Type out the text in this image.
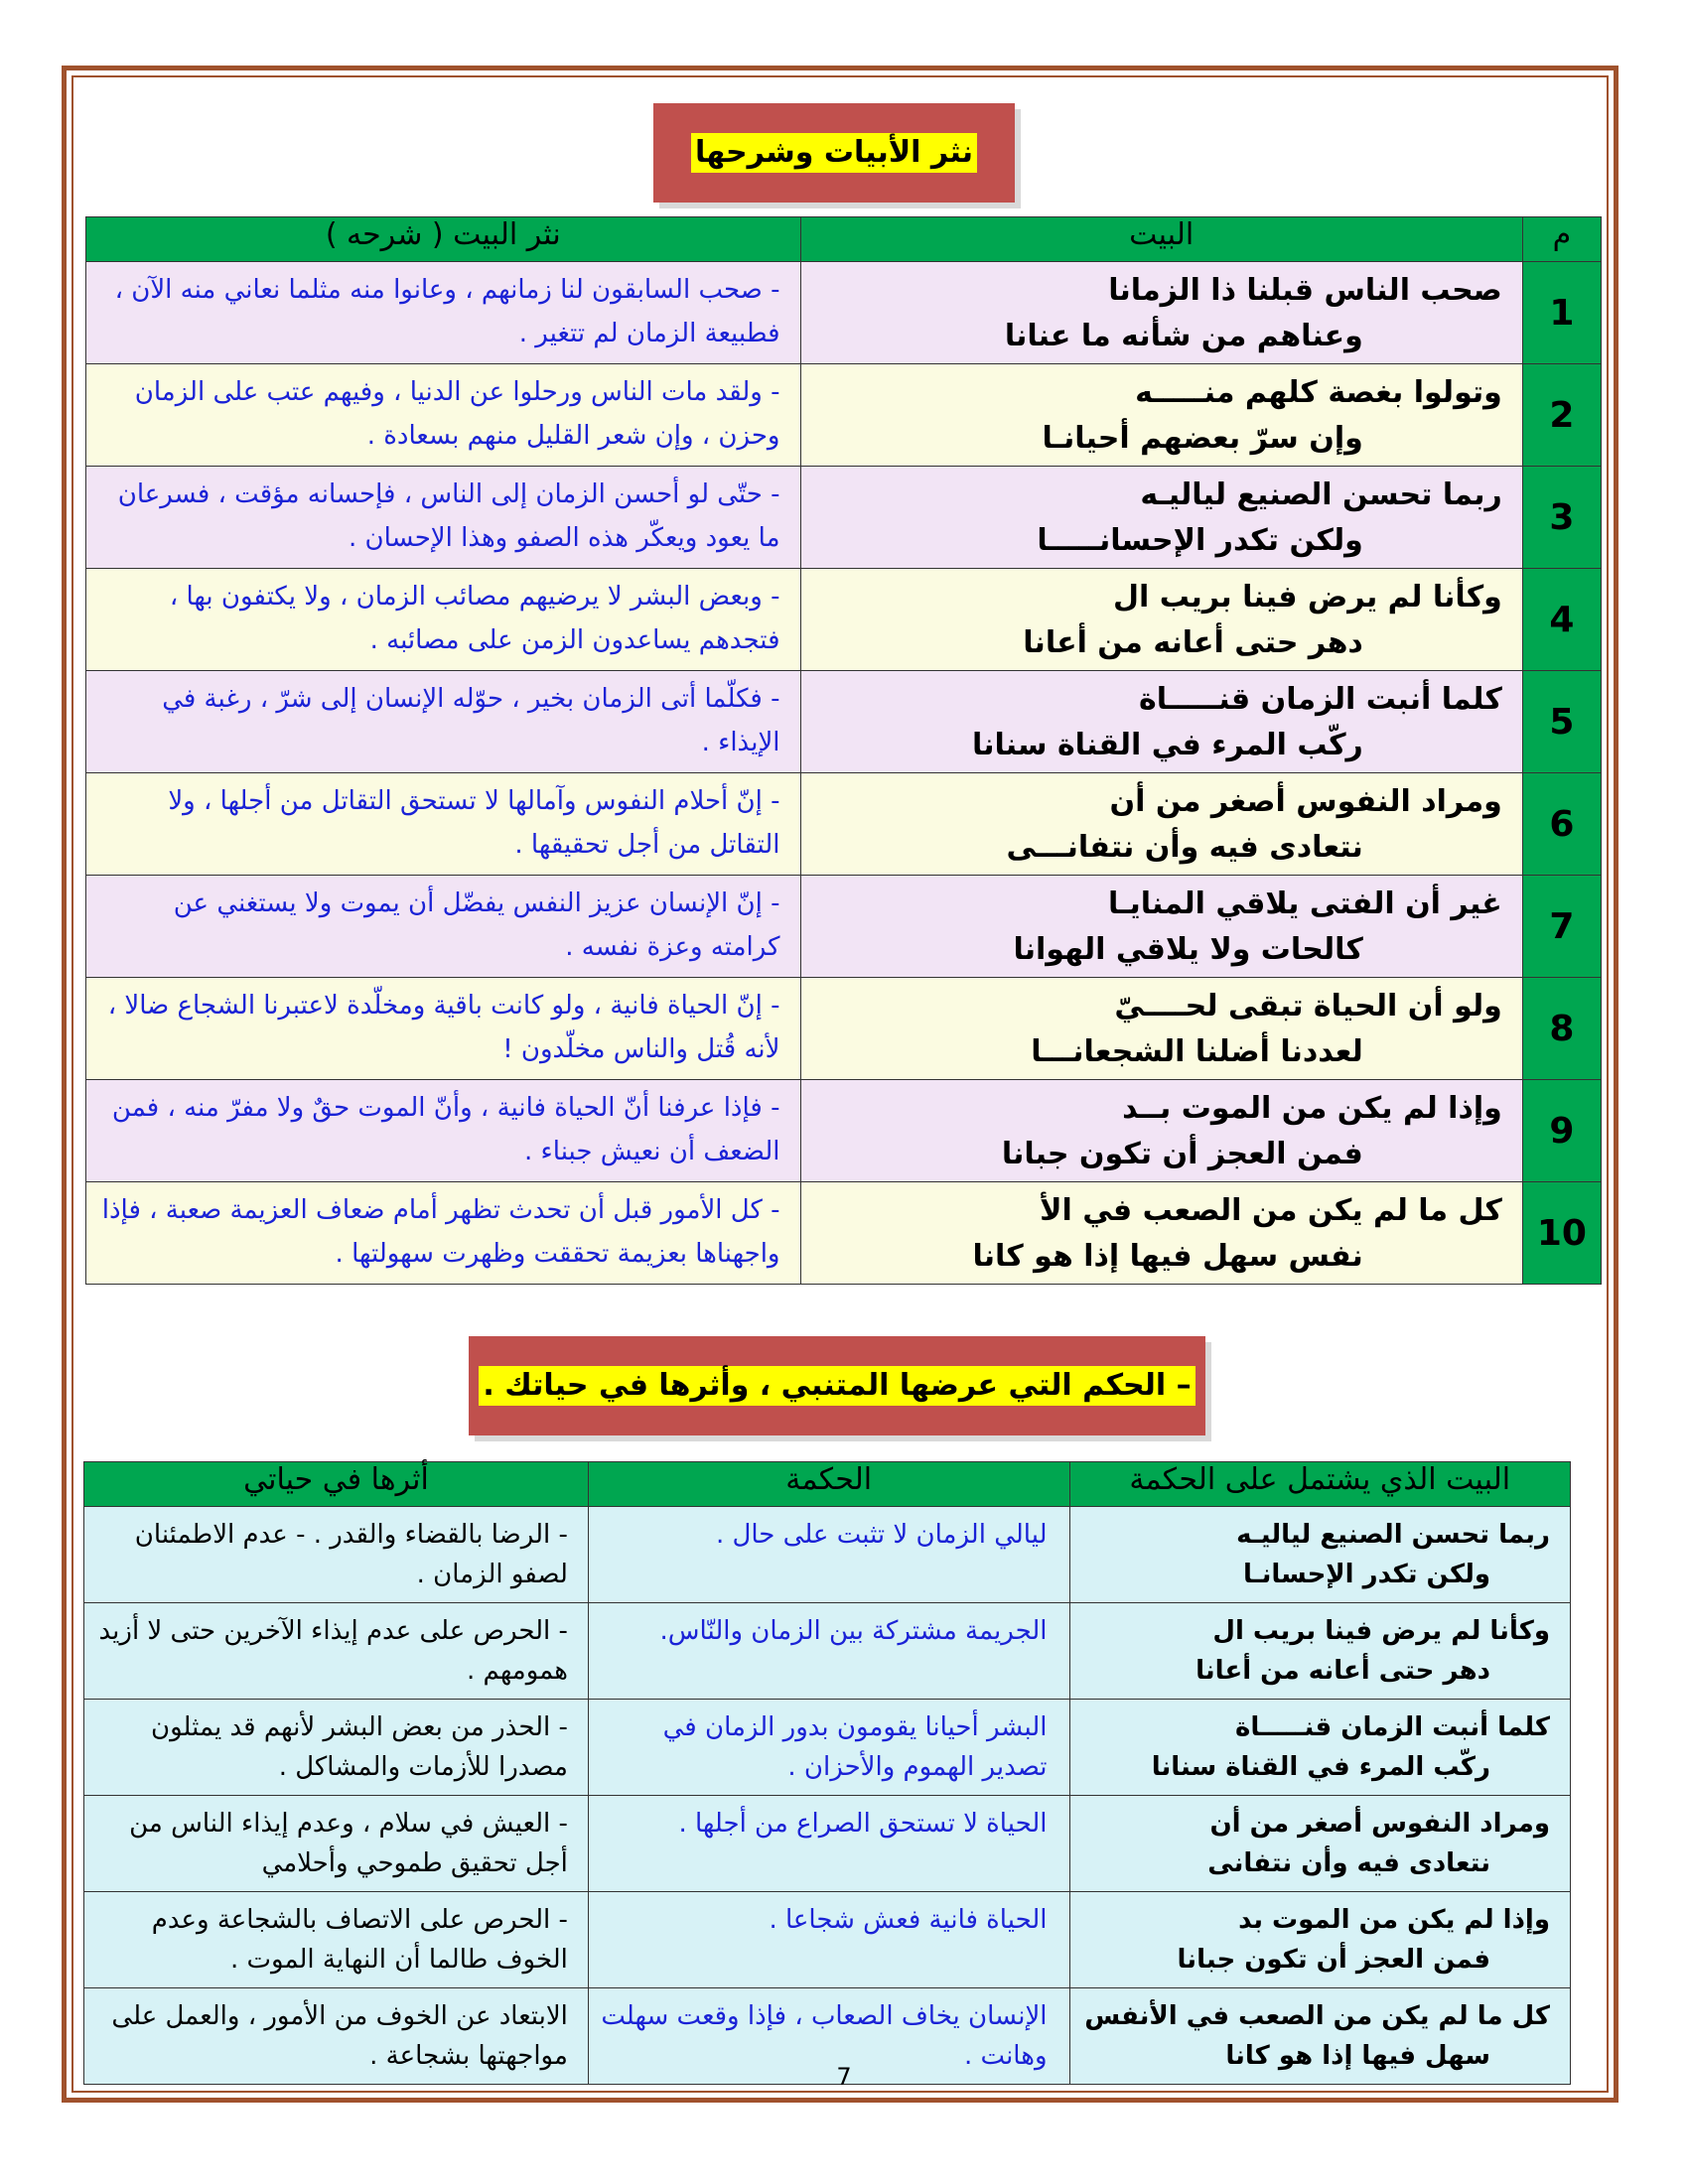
نثر الأبيات وشرحها
م	البيت	نثر البيت ( شرحه )
1	صحب الناس قبلنا ذا الزمانا
وعناهم من شأنه ما عنانا	- صحب السابقون لنا زمانهم ، وعانوا منه مثلما نعاني منه الآن ، فطبيعة الزمان لم تتغير .
2	وتولوا بغصة كلهم منـــــه
وإن سرّ بعضهم أحيانـا	- ولقد مات الناس ورحلوا عن الدنيا ، وفيهم عتب على الزمان وحزن ، وإن شعر القليل منهم بسعادة .
3	ربما تحسن الصنيع لياليـه
ولكن تكدر الإحسانـــــا	- حتّى لو أحسن الزمان إلى الناس ، فإحسانه مؤقت ، فسرعان ما يعود ويعكّر هذه الصفو وهذا الإحسان .
4	وكأنا لم يرض فينا بريب ال
دهر حتى أعانه من أعانا	- وبعض البشر لا يرضيهم مصائب الزمان ، ولا يكتفون بها ، فتجدهم يساعدون الزمن على مصائبه .
5	كلما أنبت الزمان قنـــــاة
ركّب المرء في القناة سنانا	- فكلّما أتى الزمان بخير ، حوّله الإنسان إلى شرّ ، رغبة في الإيذاء .
6	ومراد النفوس أصغر من أن
نتعادى فيه وأن نتفانـــى	- إنّ أحلام النفوس وآمالها لا تستحق التقاتل من أجلها ، ولا التقاتل من أجل تحقيقها .
7	غير أن الفتى يلاقي المنايـا
كالحات ولا يلاقي الهوانا	- إنّ الإنسان عزيز النفس يفضّل أن يموت ولا يستغني عن كرامته وعزة نفسه .
8	ولو أن الحياة تبقى لحــــيّ
لعددنا أضلنا الشجعانـــا	- إنّ الحياة فانية ، ولو كانت باقية ومخلّدة لاعتبرنا الشجاع ضالا ، لأنه قُتل والناس مخلّدون !
9	وإذا لم يكن من الموت بــد
فمن العجز أن تكون جبانا	- فإذا عرفنا أنّ الحياة فانية ، وأنّ الموت حقٌ ولا مفرّ منه ، فمن الضعف أن نعيش جبناء .
10	كل ما لم يكن من الصعب في الأ
نفس سهل فيها إذا هو كانا	- كل الأمور قبل أن تحدث تظهر أمام ضعاف العزيمة صعبة ، فإذا واجهناها بعزيمة تحققت وظهرت سهولتها .
– الحكم التي عرضها المتنبي ، وأثرها في حياتك .
البيت الذي يشتمل على الحكمة	الحكمة	أثرها في حياتي

ربما تحسن الصنيع لياليـه
ولكن تكدر الإحسانـا	ليالي الزمان لا تثبت على حال .	- الرضا بالقضاء والقدر . - عدم الاطمئنان لصفو الزمان .

وكأنا لم يرض فينا بريب ال
دهر حتى أعانه من أعانا	الجريمة مشتركة بين الزمان والنّاس.	- الحرص على عدم إيذاء الآخرين حتى لا أزيد همومهم .

كلما أنبت الزمان قنـــــاة
ركّب المرء في القناة سنانا	البشر أحيانا يقومون بدور الزمان في تصدير الهموم والأحزان .	- الحذر من بعض البشر لأنهم قد يمثلون مصدرا للأزمات والمشاكل .

ومراد النفوس أصغر من أن
نتعادى فيه وأن نتفانى	الحياة لا تستحق الصراع من أجلها .	- العيش في سلام ، وعدم إيذاء الناس من أجل تحقيق طموحي وأحلامي

وإذا لم يكن من الموت بد
فمن العجز أن تكون جبانا	الحياة فانية فعش شجاعا .	- الحرص على الاتصاف بالشجاعة وعدم الخوف طالما أن النهاية الموت .

كل ما لم يكن من الصعب في الأنفس
سهل فيها إذا هو كانا	الإنسان يخاف الصعاب ، فإذا وقعت سهلت وهانت .	الابتعاد عن الخوف من الأمور ، والعمل على مواجهتها بشجاعة .
7
